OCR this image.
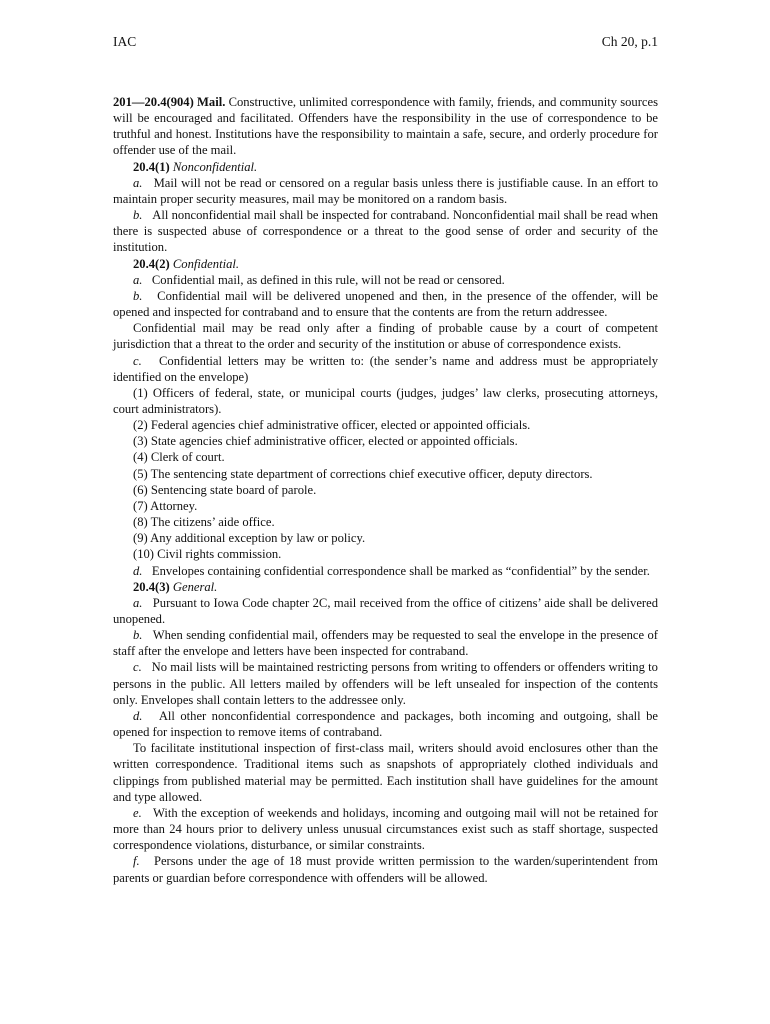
IAC	Ch 20, p.1

201—20.4(904) Mail. Constructive, unlimited correspondence with family, friends, and community sources will be encouraged and facilitated. Offenders have the responsibility in the use of correspondence to be truthful and honest. Institutions have the responsibility to maintain a safe, secure, and orderly procedure for offender use of the mail.

20.4(1) Nonconfidential.

a. Mail will not be read or censored on a regular basis unless there is justifiable cause. In an effort to maintain proper security measures, mail may be monitored on a random basis.

b. All nonconfidential mail shall be inspected for contraband. Nonconfidential mail shall be read when there is suspected abuse of correspondence or a threat to the good sense of order and security of the institution.

20.4(2) Confidential.

a. Confidential mail, as defined in this rule, will not be read or censored.

b. Confidential mail will be delivered unopened and then, in the presence of the offender, will be opened and inspected for contraband and to ensure that the contents are from the return addressee.

Confidential mail may be read only after a finding of probable cause by a court of competent jurisdiction that a threat to the order and security of the institution or abuse of correspondence exists.

c. Confidential letters may be written to: (the sender’s name and address must be appropriately identified on the envelope)

(1) Officers of federal, state, or municipal courts (judges, judges’ law clerks, prosecuting attorneys, court administrators).

(2) Federal agencies chief administrative officer, elected or appointed officials.

(3) State agencies chief administrative officer, elected or appointed officials.

(4) Clerk of court.

(5) The sentencing state department of corrections chief executive officer, deputy directors.

(6) Sentencing state board of parole.

(7) Attorney.

(8) The citizens’ aide office.

(9) Any additional exception by law or policy.

(10) Civil rights commission.

d. Envelopes containing confidential correspondence shall be marked as “confidential” by the sender.

20.4(3) General.

a. Pursuant to Iowa Code chapter 2C, mail received from the office of citizens’ aide shall be delivered unopened.

b. When sending confidential mail, offenders may be requested to seal the envelope in the presence of staff after the envelope and letters have been inspected for contraband.

c. No mail lists will be maintained restricting persons from writing to offenders or offenders writing to persons in the public. All letters mailed by offenders will be left unsealed for inspection of the contents only. Envelopes shall contain letters to the addressee only.

d. All other nonconfidential correspondence and packages, both incoming and outgoing, shall be opened for inspection to remove items of contraband.

To facilitate institutional inspection of first-class mail, writers should avoid enclosures other than the written correspondence. Traditional items such as snapshots of appropriately clothed individuals and clippings from published material may be permitted. Each institution shall have guidelines for the amount and type allowed.

e. With the exception of weekends and holidays, incoming and outgoing mail will not be retained for more than 24 hours prior to delivery unless unusual circumstances exist such as staff shortage, suspected correspondence violations, disturbance, or similar constraints.

f. Persons under the age of 18 must provide written permission to the warden/superintendent from parents or guardian before correspondence with offenders will be allowed.
